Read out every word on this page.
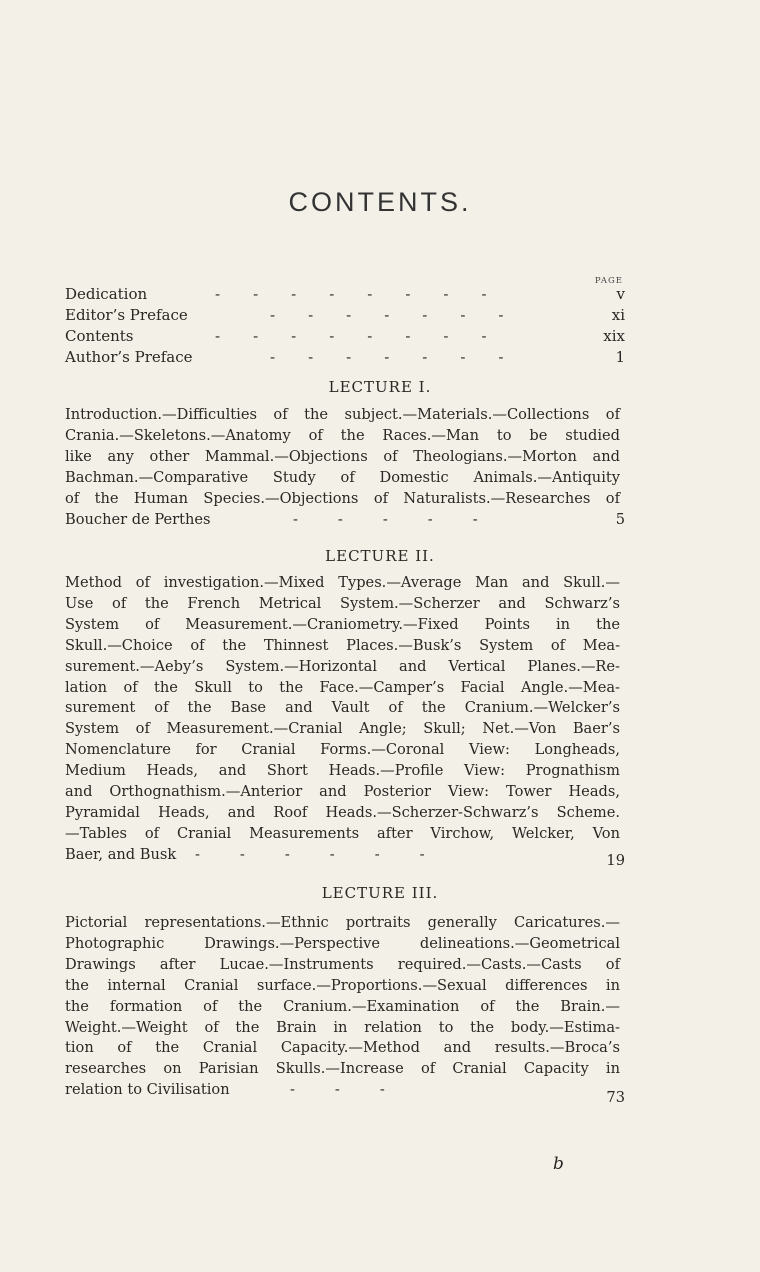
CONTENTS.
PAGE
Dedication	--------	v
Editor’s Preface	-------	xi
Contents	--------	xix
Author’s Preface	-------	1
LECTURE I.
Introduction.—Difficulties of the subject.—Materials.—Collections of
Crania.—Skeletons.—Anatomy of the Races.—Man to be studied
like any other Mammal.—Objections of Theologians.—Morton and
Bachman.—Comparative Study of Domestic Animals.—Antiquity
of the Human Species.—Objections of Naturalists.—Researches of
Boucher de Perthes	-----	5
LECTURE II.
Method of investigation.—Mixed Types.—Average Man and Skull.—
Use of the French Metrical System.—Scherzer and Schwarz’s
System of Measurement.—Craniometry.—Fixed Points in the
Skull.—Choice of the Thinnest Places.—Busk’s System of Mea-
surement.—Aeby’s System.—Horizontal and Vertical Planes.—Re-
lation of the Skull to the Face.—Camper’s Facial Angle.—Mea-
surement of the Base and Vault of the Cranium.—Welcker’s
System of Measurement.—Cranial Angle; Skull; Net.—Von Baer’s
Nomenclature for Cranial Forms.—Coronal View: Longheads,
Medium Heads, and Short Heads.—Profile View: Prognathism
and Orthognathism.—Anterior and Posterior View: Tower Heads,
Pyramidal Heads, and Roof Heads.—Scherzer-Schwarz’s Scheme.
—Tables of Cranial Measurements after Virchow, Welcker, Von
Baer, and Busk ------	19
LECTURE III.
Pictorial representations.—Ethnic portraits generally Caricatures.—
Photographic Drawings.—Perspective delineations.—Geometrical
Drawings after Lucae.—Instruments required.—Casts.—Casts of
the internal Cranial surface.—Proportions.—Sexual differences in
the formation of the Cranium.—Examination of the Brain.—
Weight.—Weight of the Brain in relation to the body.—Estima-
tion of the Cranial Capacity.—Method and results.—Broca’s
researches on Parisian Skulls.—Increase of Cranial Capacity in
relation to Civilisation	---	73
b
